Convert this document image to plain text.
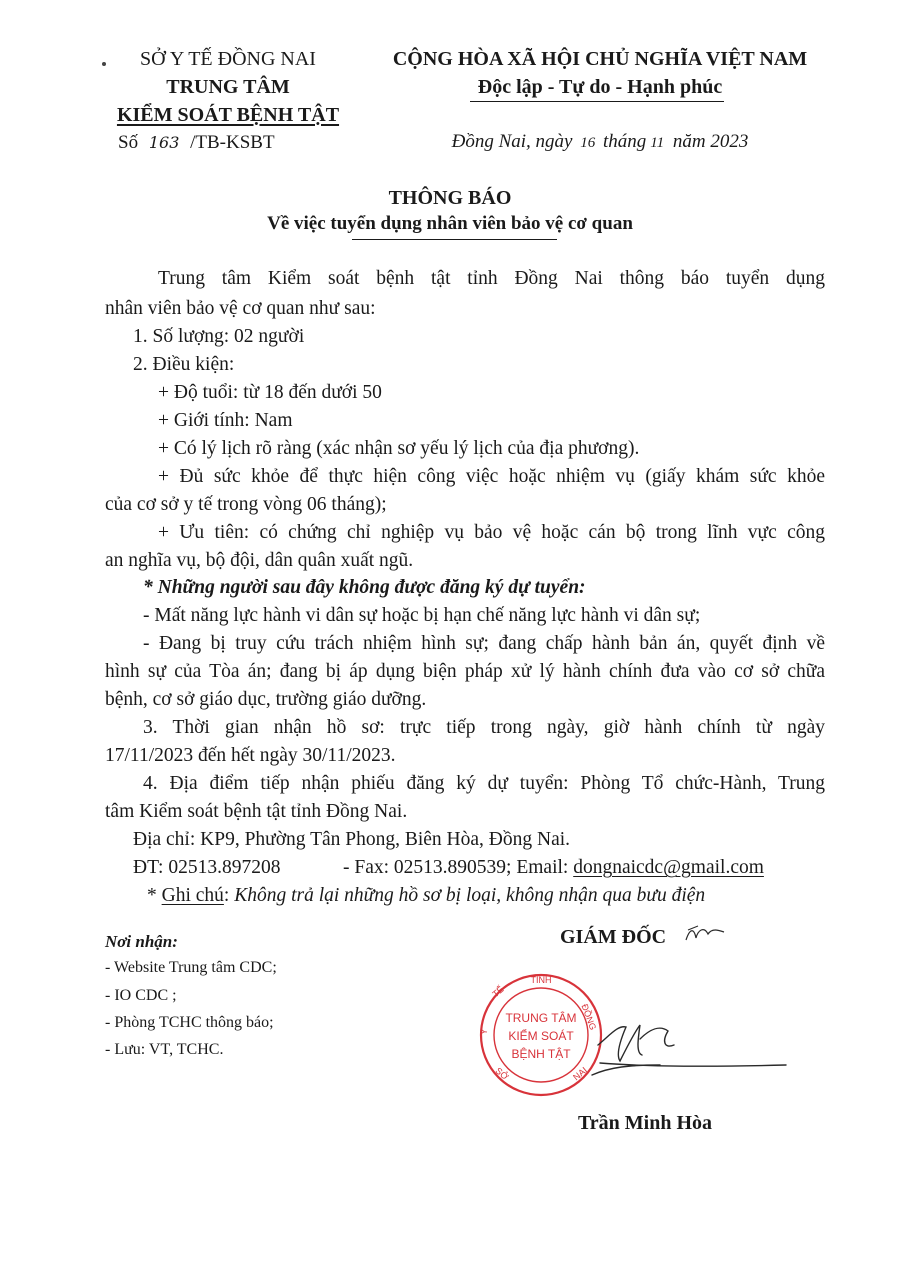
SỞ Y TẾ ĐỒNG NAI
TRUNG TÂM
KIỂM SOÁT BỆNH TẬT
Số 163 /TB-KSBT
CỘNG HÒA XÃ HỘI CHỦ NGHĨA VIỆT NAM
Độc lập - Tự do - Hạnh phúc
Đồng Nai, ngày 16 tháng 11 năm 2023
THÔNG BÁO
Về việc tuyển dụng nhân viên bảo vệ cơ quan
Trung tâm Kiểm soát bệnh tật tỉnh Đồng Nai thông báo tuyển dụng
nhân viên bảo vệ cơ quan như sau:
1. Số lượng: 02 người
2. Điều kiện:
+ Độ tuổi: từ 18 đến dưới 50
+ Giới tính: Nam
+ Có lý lịch rõ ràng (xác nhận sơ yếu lý lịch của địa phương).
+ Đủ sức khỏe để thực hiện công việc hoặc nhiệm vụ (giấy khám sức khỏe
của cơ sở y tế trong vòng 06 tháng);
+ Ưu tiên: có chứng chỉ nghiệp vụ bảo vệ hoặc cán bộ trong lĩnh vực công
an nghĩa vụ, bộ đội, dân quân xuất ngũ.
* Những người sau đây không được đăng ký dự tuyển:
- Mất năng lực hành vi dân sự hoặc bị hạn chế năng lực hành vi dân sự;
- Đang bị truy cứu trách nhiệm hình sự; đang chấp hành bản án, quyết định về
hình sự của Tòa án; đang bị áp dụng biện pháp xử lý hành chính đưa vào cơ sở chữa
bệnh, cơ sở giáo dục, trường giáo dưỡng.
3. Thời gian nhận hồ sơ: trực tiếp trong ngày, giờ hành chính từ ngày
17/11/2023 đến hết ngày 30/11/2023.
4. Địa điểm tiếp nhận phiếu đăng ký dự tuyển: Phòng Tổ chức-Hành, Trung
tâm Kiểm soát bệnh tật tỉnh Đồng Nai.
Địa chỉ: KP9, Phường Tân Phong, Biên Hòa, Đồng Nai.
ĐT: 02513.897208	- Fax: 02513.890539; Email: dongnaicdc@gmail.com
* Ghi chú: Không trả lại những hồ sơ bị loại, không nhận qua bưu điện
Nơi nhận:
- Website Trung tâm CDC;
- IO CDC ;
- Phòng TCHC thông báo;
- Lưu: VT, TCHC.
GIÁM ĐỐC
TỈNH
ĐỒNG
TẾ
Y
SỞ	NAI
TRUNG TÂM
KIỂM SOÁT
BỆNH TẬT
Trần Minh Hòa
